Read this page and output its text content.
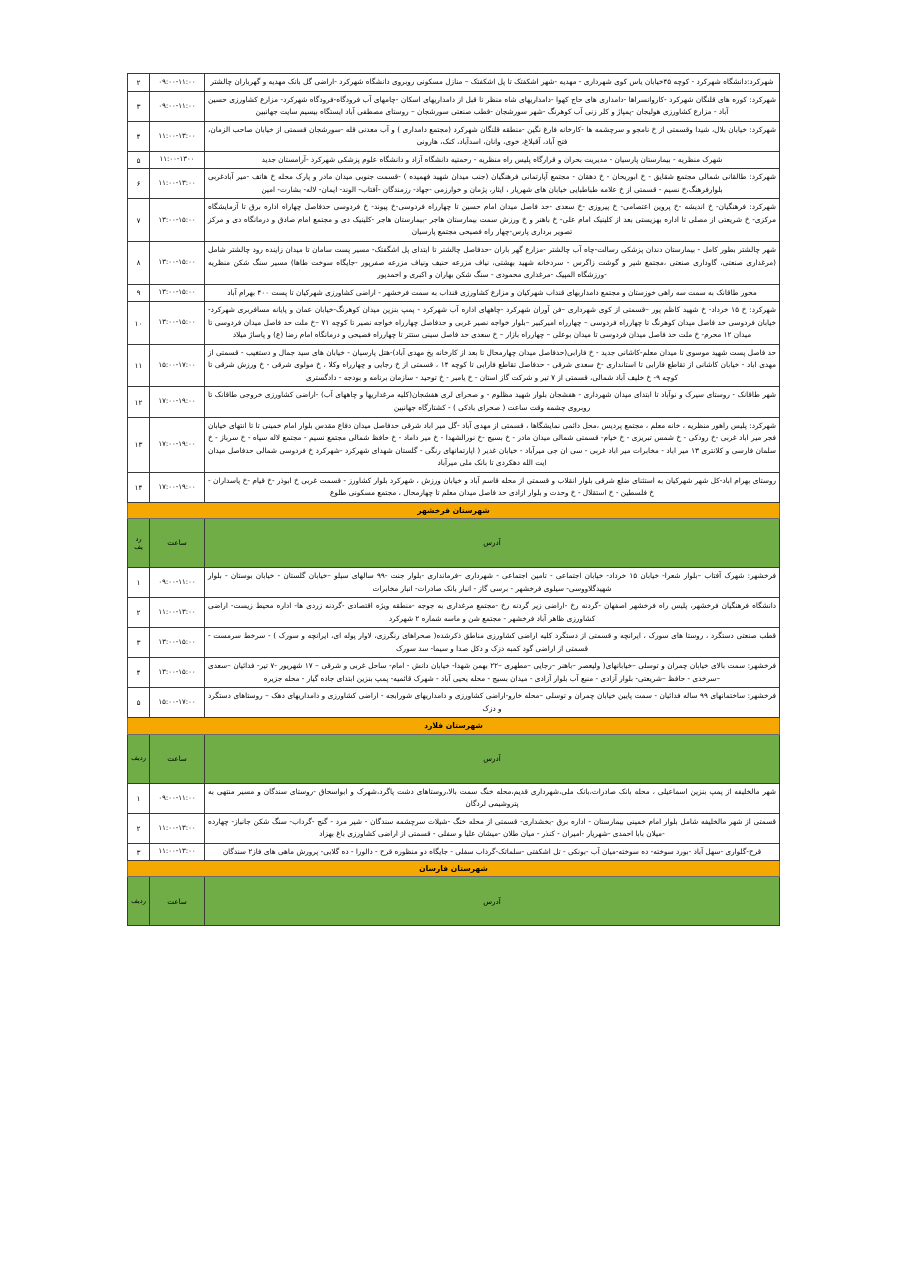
شهرکرد:دانشگاه شهرکرد - کوچه ۴۵خیابان یاس کوی شهرداری - مهدیه -شهر اشکفتک تا پل اشکفتک – منازل مسکونی روبروی دانشگاه شهرکرد -اراضی گل بانک مهدیه و گهرباران چالشتر	۰۹:۰۰-۱۱:۰۰	۲
شهرکرد: کوره های قلنگان شهرکرد -کاروانسراها -دامداری های حاج کهوا -دامداریهای شاه منظر تا قبل از دامداریهای اسکان -چامهای آب فرودگاه-فرودگاه شهرکرد- مزارع کشاورزی حسین آباد - مزارع کشاورزی هولیجان -پمپاژ و کلر زنی آب کوهرنگ -شهر سورشجان -قطب صنعتی سورشجان – روستای مصطفی آباد ایستگاه بیسیم سایت جهانبین	۰۹:۰۰-۱۱:۰۰	۳
شهرکرد: خیابان بلال، شیدا وقسمتی از خ نامجو و سرچشمه ها -کارخانه فارغ نگین -منطقه قلنگان شهرکرد (مجتمع دامداری ) و آب معدنی قله -سورشجان قسمتی از خیابان صاحب الزمان، فتح آباد، آقبلاغ، خوی، وانان، اسدآباد، کنک، هارونی	۱۱:۰۰-۱۳:۰۰	۴
شهرک منظریه - بیمارستان پارسیان - مدیریت بحران و قرارگاه پلیس راه منظریه - رحمتیه دانشگاه آزاد و دانشگاه علوم پزشکی شهرکرد -آرامستان جدید	۱۱:۰۰-۱۳۰۰	۵
شهرکرد: طالقانی شمالی مجتمع شقایق - خ ابوریحان - خ دهقان - مجتمع آپارتمانی فرهنگیان (جنب میدان شهید فهمیده ) -قسمت جنوبی میدان مادر و پارک محله خ هاتف -میر آبادغربی بلوارفرهنگ،خ نسیم - قسمتی از خ علامه طباطبایی خیابان های شهریار ، ایثار، پژمان و خوارزمی -جهاد- رزمندگان -آفتاب- الوند- ایمان- لاله- بشارت- امین	۱۱:۰۰-۱۳:۰۰	۶
شهرکرد: فرهنگیان- خ اندیشه -خ پروین اعتصامی- خ پیروزی -خ سعدی -حد فاصل میدان امام حسین تا چهارراه فردوسی-خ پیوند- خ فردوسی حدفاصل چهاراه اداره برق تا آزمایشگاه مرکزی- خ شریعتی از مصلی تا اداره بهزیستی بعد از کلینیک امام علی- خ باهنر و خ ورزش سمت بیمارستان هاجر -بیمارستان هاجر -کلینیک دی و مجتمع امام صادق و درمانگاه دی و مرکز تصویر برداری پارس-چهار راه فصیحی مجتمع پارسیان	۱۳:۰۰-۱۵:۰۰	۷
شهر چالشتر بطور کامل - بیمارستان دندان پزشکی رسالت-چاه آب چالشتر -مزارع گهر باران -حدفاصل چالشتر تا ابتدای پل اشگفتک- مسیر پست سامان تا میدان زاینده رود چالشتر شامل (مرغداری صنعتی، گاوداری صنعتی ،مجتمع شیر و گوشت زاگرس - سردخانه شهید بهشتی، نیاف مزرعه حنیف ونیاف مزرعه صفرپور -جایگاه سوخت طاها) مسیر سنگ شکن منظریه -ورزشگاه المپیک -مرغداری محمودی - سنگ شکن بهاران و اکبری و احمدپور	۱۳:۰۰-۱۵:۰۰	۸
محور طاقانک به سمت سه راهی خوزستان و مجتمع دامداربهای قنداب شهرکیان و مزارع کشاورزی قنداب به سمت فرخشهر - اراضی کشاورزی شهرکیان تا پست ۴۰۰ بهرام آباد	۱۳:۰۰-۱۵:۰۰	۹
شهرکرد: خ ۱۵ خرداد- خ شهید کاظم پور –قسمتی از کوی شهرداری –فن آوران شهرکرد -چاههای اداره آب شهرکرد - پمپ بنزین میدان کوهرنگ-خیابان عمان و پایانه مسافربری شهرکرد- خیابان فردوسی حد فاصل میدان کوهرنگ تا چهارراه فردوسی – چهارراه امیرکبیر –بلوار خواجه نصیر غربی و حدفاصل چهارراه خواجه نصیر تا کوچه ۷۱ –خ ملت حد فاصل میدان فردوسی تا میدان ۱۲ محرم- خ ملت حد فاصل میدان فردوسی تا میدان بوعلی – چهارراه بازار – خ سعدی حد فاصل سینی ستتر تا چهارراه فصیحی و درمانگاه امام رضا (ع) و پاساژ میلاد	۱۳:۰۰-۱۵:۰۰	۱۰
حد فاصل پست شهید موسوی تا میدان معلم-کاشانی جدید - خ فارابی(حدفاصل میدان چهارمحال تا بعد از کارخانه یخ مهدی آباد)-هتل پارسیان - خیابان های سید جمال و دستغیب - قسمتی از مهدی اباد - خیابان کاشانی از تقاطع فارابی تا استانداری -خ سعدی شرقی - حدفاصل تقاطع فارابی تا کوچه ۱۴ ، قسمتی از خ رجایی و چهارراه وکلا ، خ مولوی شرقی - خ ورزش شرقی تا کوچه ۹- خ خلیف آباد شمالی، قسمتی از ۷ تیر و شرکت گاز استان - خ یامبر - خ توحید - سازمان برنامه و بودجه - دادگستری	۱۵:۰۰-۱۷:۰۰	۱۱
شهر طاقانک - روستای سیرک و نوآباد تا ابتدای میدان شهرداری - هفشجان بلوار شهید مظلوم - و صحرای لری هفشجان(کلیه مرغداریها و چاههای آب) -اراضی کشاورزی خروجی طاقانک تا روبروی چشمه وقت ساعت ( صحرای بادکی ) - کشتارگاه جهانبین	۱۷:۰۰-۱۹:۰۰	۱۲
شهرکرد: پلیس راهور منظریه ، خانه معلم ، مجتمع پردیس ،محل دائمی نمایشگاها ، قسمتی از مهدی آباد -گل میر اباد شرقی حدفاصل میدان دفاع مقدس بلوار امام خمینی تا تا انتهای خیابان فجر میر اباد غربی -خ رودکی - خ شمس تبریزی - خ خیام- قسمتی شمالی میدان مادر - خ بسیج -خ نورالشهدا - خ میر داماد - خ حافظ شمالی مجتمع نسیم - مجتمع لاله سپاه - خ سرباز - خ سلمان فارسی و کلانتری ۱۳ میر اباد - مخابرات میر اباد غربی - سی ان جی میرآباد - خیابان غدیر ( اپارتمانهای رنگی - گلستان شهدای شهرکرد -شهرکرد خ فردوسی شمالی حدفاصل میدان ایت الله دهکردی تا بانک ملی میرآباد	۱۷:۰۰-۱۹:۰۰	۱۳
روستای بهرام اباد-کل شهر شهرکیان به استثنای ضلع شرقی بلوار انقلاب و قسمتی از محله قاسم آباد و خیابان ورزش ، شهرکرد بلوار کشاورز - قسمت غربی خ ابوذر -خ قیام -خ پاسداران - خ فلسطین - خ استقلال - خ وحدت و بلوار ازادی حد فاصل میدان معلم تا چهارمحال ، مجتمع مسکونی طلوع	۱۷:۰۰-۱۹:۰۰	۱۴
شهرستان فرخشهر		
آدرس	ساعت	رد
یف

فرخشهر: شهرک آفتاب –بلوار شعرا- خیابان ۱۵ خرداد- خیابان اجتماعی - تامین اجتماعی - شهرداری –فرمانداری -بلوار جنت -۹۹ سالهای سیلو –خیابان گلستان - خیابان بوستان - بلوار شهیدگلاووسی- سیلوی فرخشهر - برسی گاز - انبار بانک صادرات- انبار مخابرات	۰۹:۰۰-۱۱:۰۰	۱
دانشگاه فرهنگیان فرخشهر، پلیس راه فرخشهر اصفهان -گردنه رخ -اراضی زیر گردنه رخ -مجتمع مرغداری به جوجه -منطقه ویژه اقتصادی -گردنه زردی ها- اداره محیط زیست- اراضی کشاورزی ظاهر آباد فرخشهر - مجتمع شن و ماسه شماره ۲ شهرکرد	۱۱:۰۰-۱۳:۰۰	۲
قطب صنعتی دستگرد ، روستا های سورک ، ایرانچه و قسمتی از دستگرد کلیه اراضی کشاورزی مناطق ذکرشده( صحراهای رنگرزی، لاوار پوله ای، ایرانچه و سورک ) - سرخط سرمست - قسمتی از اراضی گود کمبه دزک و دکل صدا و سیما- سد سورک	۱۳:۰۰-۱۵:۰۰	۳
فرخشهر: سمت بالای خیابان چمران و توسلی –خیابانهای( ولیعصر –باهنر –رجایی –مطهری –۲۲ بهمن شهدا- خیابان دانش - امام- ساحل غربی و شرقی – ۱۷ شهریور -۷ تیر- فدائیان –سعدی –سرخدی - حافظ –شریعتی- بلوار آزادی - منبع آب بلوار آزادی - میدان بسیج - محله یحیی آباد - شهرک قائمیه- پمپ بنزین ابتدای جاده گیار - محله جزیره	۱۳:۰۰-۱۵:۰۰	۴
فرخشهر: ساختمانهای ۹۹ ساله فدائیان - سمت پایین خیابان چمران و توسلی –محله خارو-اراضی کشاورزی و دامداریهای شورابجه - اراضی کشاورزی و دامداریهای دهک – روستاهای دستگرد و دزک	۱۵:۰۰-۱۷:۰۰	۵
شهرستان فلارد		
آدرس	ساعت	ردیف
شهر مالخلیفه از پمپ بنزین اسماعیلی ، محله بانک صادرات،بانک ملی،شهرداری قدیم،محله خنگ سمت بالا،روستاهای دشت پاگرد،شهرک و ابواسحاق -روستای سندگان و مسیر منتهی به پتروشیمی لردگان	۰۹:۰۰-۱۱:۰۰	۱
قسمتی از شهر مالخلیفه شامل بلوار امام خمینی بیمارستان - اداره برق -بخشداری- قسمتی از محله خنگ -شیلات سرچشمه سندگان - شیر مرد - گنج -گرداب- سنگ شکن جانباز- چهارده -میلان بابا احمدی -شهریار -امیران - کنذر - میان طلان -میشان علیا و سفلی - قسمتی از اراضی کشاورزی باغ بهزاد	۱۱:۰۰-۱۳:۰۰	۲
قرح-گلواری -سهل آباد -بورد سوخته- ده سوخته-میان آب -بونکی - تل اشکفتی -سلماتک-گرداب سفلی - جایگاه دو منظوره قرح - دالورا - ده گلابی- پرورش ماهی های فاز۲ سندگان	۱۱:۰۰-۱۳:۰۰	۳
شهرستان فارسان		
آدرس	ساعت	ردیف
